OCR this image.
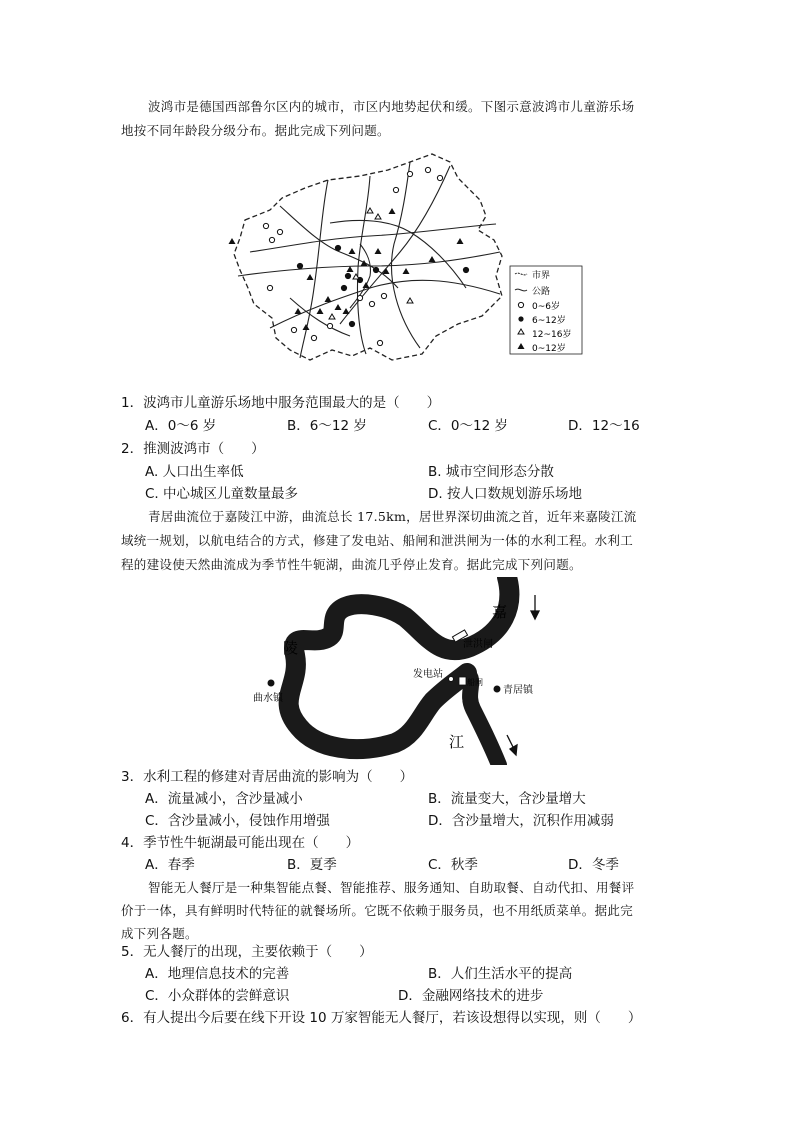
波鸿市是德国西部鲁尔区内的城市，市区内地势起伏和缓。下图示意波鸿市儿童游乐场
地按不同年龄段分级分布。据此完成下列问题。
市界
公路
0~6岁
6~12岁
12~16岁
0~12岁
1．波鸿市儿童游乐场地中服务范围最大的是（　　）
A．0～6 岁	B．6～12 岁	C．0～12 岁	D．12～16
2．推测波鸿市（　　）
A. 人口出生率低	B. 城市空间形态分散
C. 中心城区儿童数量最多	D. 按人口数规划游乐场地
青居曲流位于嘉陵江中游，曲流总长 17.5km，居世界深切曲流之首，近年来嘉陵江流
域统一规划，以航电结合的方式，修建了发电站、船闸和泄洪闸为一体的水利工程。水利工
程的建设使天然曲流成为季节性牛轭湖，曲流几乎停止发育。据此完成下列问题。
泄洪闸
发电站
船闸
嘉
陵
江
甲
青居镇
曲水镇
3．水利工程的修建对青居曲流的影响为（　　）
A．流量减小，含沙量减小	B．流量变大，含沙量增大
C．含沙量减小，侵蚀作用增强	D．含沙量增大，沉积作用减弱
4．季节性牛轭湖最可能出现在（　　）
A．春季	B．夏季	C．秋季	D．冬季
智能无人餐厅是一种集智能点餐、智能推荐、服务通知、自助取餐、自动代扣、用餐评
价于一体，具有鲜明时代特征的就餐场所。它既不依赖于服务员，也不用纸质菜单。据此完
成下列各题。
5．无人餐厅的出现，主要依赖于（　　）
A．地理信息技术的完善	B．人们生活水平的提高
C．小众群体的尝鲜意识	D．金融网络技术的进步
6．有人提出今后要在线下开设 10 万家智能无人餐厅，若该设想得以实现，则（　　）
